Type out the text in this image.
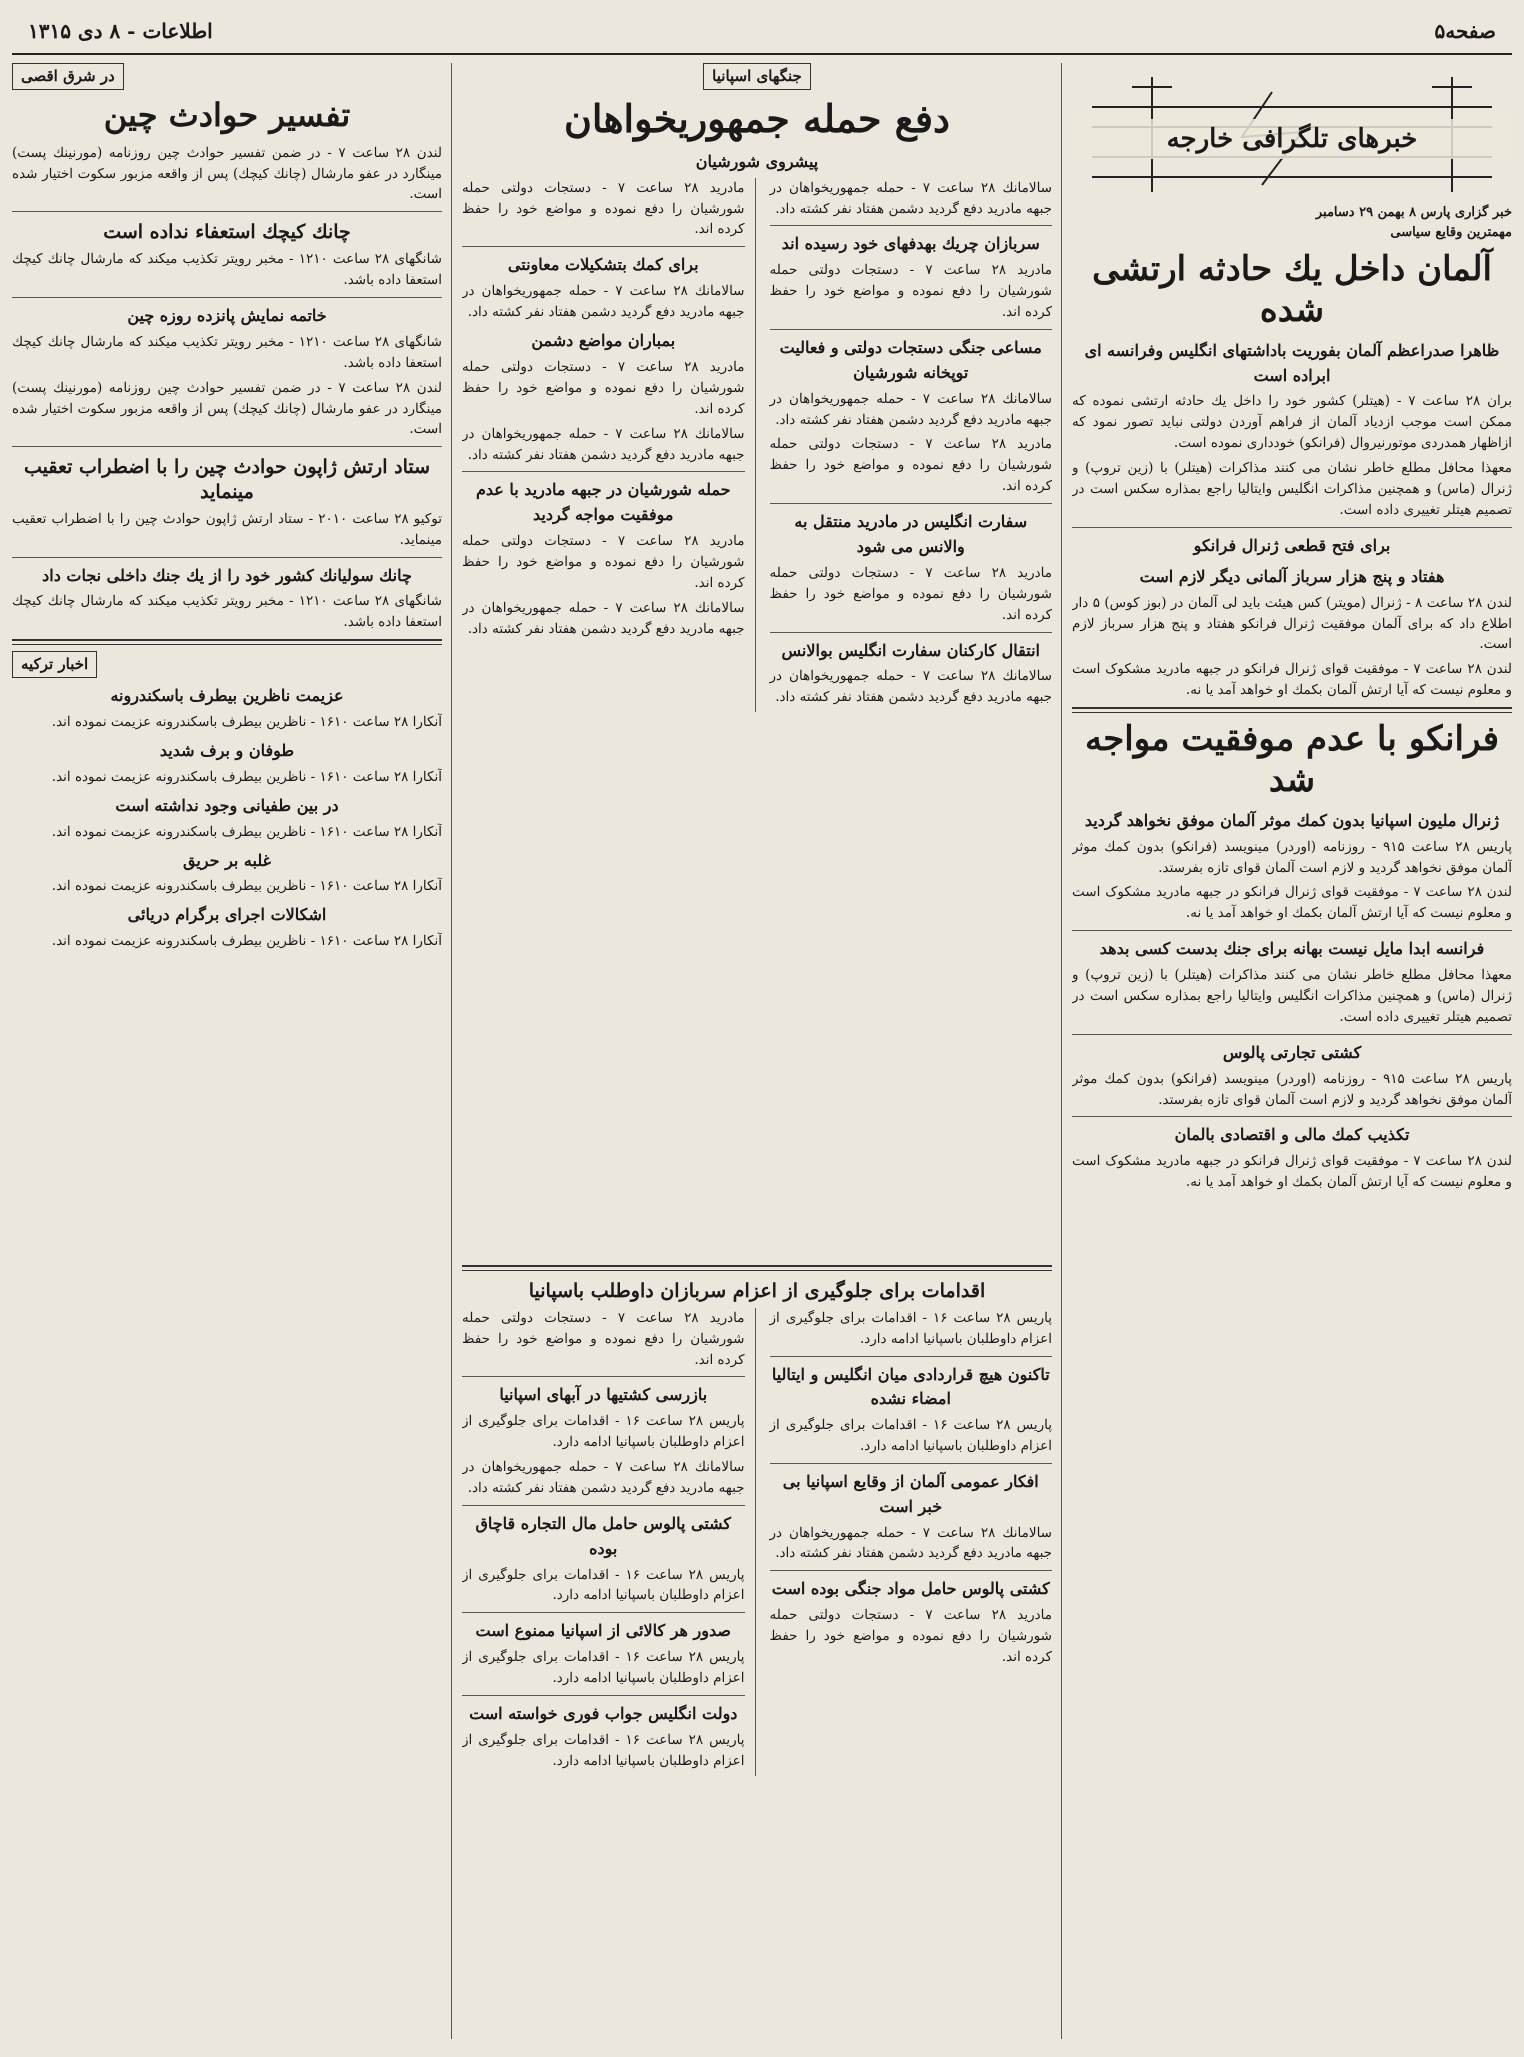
صفحه۵
اطلاعات - ۸ دی ۱۳۱۵
خبرهای تلگرافی خارجه
خبر گزاری پارس ۸ بهمن ۲۹ دسامبر
مهمترین وقایع سیاسی
آلمان داخل یك حادثه ارتشی شده
ظاهرا صدراعظم آلمان بفوریت باداشتهای انگلیس وفرانسه ای ابراده است

بران ۲۸ ساعت ۷ - (هیتلر) کشور خود را داخل یك حادثه ارتشی نموده که ممکن است موجب ازدیاد آلمان از فراهم آوردن دولتی نباید تصور نمود که ازاظهار همدردی موتورنیروال (فرانکو) خودداری نموده است.

معهذا محافل مطلع خاطر نشان می کنند مذاکرات (هیتلر) با (زین تروپ) و ژنرال (ماس) و همچنین مذاکرات انگلیس وایتالیا راجع بمذاره سکس است در تصمیم هیتلر تغییری داده است.

برای فتح قطعی ژنرال فرانکو
هفتاد و پنج هزار سرباز آلمانی دیگر لازم است

لندن ۲۸ ساعت ۸ - ژنرال (مویتر) کس هیئت باید لی آلمان در (بوز کوس) ۵ دار اطلاع داد که برای آلمان موفقیت ژنرال فرانکو هفتاد و پنج هزار سرباز لازم است.

لندن ۲۸ ساعت ۷ - موفقیت قوای ژنرال فرانکو در جبهه مادرید مشکوک است و معلوم نیست که آیا ارتش آلمان بکمك او خواهد آمد یا نه.

فرانکو با عدم موفقیت مواجه شد
ژنرال ملیون اسپانیا بدون کمك موثر آلمان موفق نخواهد گردید

پاریس ۲۸ ساعت ۹۱۵ - روزنامه (اوردر) مینویسد (فرانکو) بدون کمك موثر آلمان موفق نخواهد گردید و لازم است آلمان قوای تازه بفرستد.

لندن ۲۸ ساعت ۷ - موفقیت قوای ژنرال فرانکو در جبهه مادرید مشکوک است و معلوم نیست که آیا ارتش آلمان بکمك او خواهد آمد یا نه.

فرانسه ابدا مایل نیست بهانه برای جنك بدست کسی بدهد

معهذا محافل مطلع خاطر نشان می کنند مذاکرات (هیتلر) با (زین تروپ) و ژنرال (ماس) و همچنین مذاکرات انگلیس وایتالیا راجع بمذاره سکس است در تصمیم هیتلر تغییری داده است.

کشتی تجارتی پالوس

پاریس ۲۸ ساعت ۹۱۵ - روزنامه (اوردر) مینویسد (فرانکو) بدون کمك موثر آلمان موفق نخواهد گردید و لازم است آلمان قوای تازه بفرستد.

تکذیب کمك مالی و اقتصادی بالمان

لندن ۲۸ ساعت ۷ - موفقیت قوای ژنرال فرانکو در جبهه مادرید مشکوک است و معلوم نیست که آیا ارتش آلمان بکمك او خواهد آمد یا نه.

جنگهای اسپانیا
دفع حمله جمهوریخواهان
پیشروی شورشیان

سالامانك ۲۸ ساعت ۷ - حمله جمهوریخواهان در جبهه مادرید دفع گردید دشمن هفتاد نفر کشته داد.

سربازان چریك بهدفهای خود رسیده اند

مادرید ۲۸ ساعت ۷ - دستجات دولتی حمله شورشیان را دفع نموده و مواضع خود را حفظ کرده اند.

مساعی جنگی دستجات دولتی و فعالیت توپخانه شورشیان

سالامانك ۲۸ ساعت ۷ - حمله جمهوریخواهان در جبهه مادرید دفع گردید دشمن هفتاد نفر کشته داد.

مادرید ۲۸ ساعت ۷ - دستجات دولتی حمله شورشیان را دفع نموده و مواضع خود را حفظ کرده اند.

سفارت انگلیس در مادرید منتقل به والانس می شود

مادرید ۲۸ ساعت ۷ - دستجات دولتی حمله شورشیان را دفع نموده و مواضع خود را حفظ کرده اند.

انتقال کارکنان سفارت انگلیس بوالانس

سالامانك ۲۸ ساعت ۷ - حمله جمهوریخواهان در جبهه مادرید دفع گردید دشمن هفتاد نفر کشته داد.

مادرید ۲۸ ساعت ۷ - دستجات دولتی حمله شورشیان را دفع نموده و مواضع خود را حفظ کرده اند.

برای کمك بتشکیلات معاونتی

سالامانك ۲۸ ساعت ۷ - حمله جمهوریخواهان در جبهه مادرید دفع گردید دشمن هفتاد نفر کشته داد.

بمباران مواضع دشمن

مادرید ۲۸ ساعت ۷ - دستجات دولتی حمله شورشیان را دفع نموده و مواضع خود را حفظ کرده اند.

سالامانك ۲۸ ساعت ۷ - حمله جمهوریخواهان در جبهه مادرید دفع گردید دشمن هفتاد نفر کشته داد.

حمله شورشیان در جبهه مادرید با عدم موفقیت مواجه گردید

مادرید ۲۸ ساعت ۷ - دستجات دولتی حمله شورشیان را دفع نموده و مواضع خود را حفظ کرده اند.

سالامانك ۲۸ ساعت ۷ - حمله جمهوریخواهان در جبهه مادرید دفع گردید دشمن هفتاد نفر کشته داد.

اقدامات برای جلوگیری از اعزام سربازان داوطلب باسپانیا

پاریس ۲۸ ساعت ۱۶ - اقدامات برای جلوگیری از اعزام داوطلبان باسپانیا ادامه دارد.

تاکنون هیچ قراردادی میان انگلیس و ایتالیا امضاء نشده

پاریس ۲۸ ساعت ۱۶ - اقدامات برای جلوگیری از اعزام داوطلبان باسپانیا ادامه دارد.

افکار عمومی آلمان از وقایع اسپانیا بی خبر است

سالامانك ۲۸ ساعت ۷ - حمله جمهوریخواهان در جبهه مادرید دفع گردید دشمن هفتاد نفر کشته داد.

کشتی پالوس حامل مواد جنگی بوده است

مادرید ۲۸ ساعت ۷ - دستجات دولتی حمله شورشیان را دفع نموده و مواضع خود را حفظ کرده اند.

مادرید ۲۸ ساعت ۷ - دستجات دولتی حمله شورشیان را دفع نموده و مواضع خود را حفظ کرده اند.

بازرسی کشتیها در آبهای اسپانیا

پاریس ۲۸ ساعت ۱۶ - اقدامات برای جلوگیری از اعزام داوطلبان باسپانیا ادامه دارد.

سالامانك ۲۸ ساعت ۷ - حمله جمهوریخواهان در جبهه مادرید دفع گردید دشمن هفتاد نفر کشته داد.

کشتی پالوس حامل مال التجاره قاچاق بوده

پاریس ۲۸ ساعت ۱۶ - اقدامات برای جلوگیری از اعزام داوطلبان باسپانیا ادامه دارد.

صدور هر کالائی از اسپانیا ممنوع است

پاریس ۲۸ ساعت ۱۶ - اقدامات برای جلوگیری از اعزام داوطلبان باسپانیا ادامه دارد.

دولت انگلیس جواب فوری خواسته است

پاریس ۲۸ ساعت ۱۶ - اقدامات برای جلوگیری از اعزام داوطلبان باسپانیا ادامه دارد.

در شرق اقصی
تفسیر حوادث چین

لندن ۲۸ ساعت ۷ - در ضمن تفسیر حوادث چین روزنامه (مورنینك پست) مینگارد در عفو مارشال (چانك كيچك) پس از واقعه مزبور سکوت اختیار شده است.

چانك كيچك استعفاء نداده است

شانگهای ۲۸ ساعت ۱۲۱۰ - مخبر رویتر تکذیب میکند که مارشال چانك کیچك استعفا داده باشد.

خاتمه نمایش پانزده روزه چین

شانگهای ۲۸ ساعت ۱۲۱۰ - مخبر رویتر تکذیب میکند که مارشال چانك کیچك استعفا داده باشد.

لندن ۲۸ ساعت ۷ - در ضمن تفسیر حوادث چین روزنامه (مورنینك پست) مینگارد در عفو مارشال (چانك كيچك) پس از واقعه مزبور سکوت اختیار شده است.

ستاد ارتش ژاپون حوادث چین را با اضطراب تعقیب مینماید

توکیو ۲۸ ساعت ۲۰۱۰ - ستاد ارتش ژاپون حوادث چین را با اضطراب تعقیب مینماید.

چانك سوليانك كشور خود را از يك جنك داخلی نجات داد

شانگهای ۲۸ ساعت ۱۲۱۰ - مخبر رویتر تکذیب میکند که مارشال چانك کیچك استعفا داده باشد.

اخبار ترکیه
عزیمت ناظرین بیطرف باسکندرونه

آنکارا ۲۸ ساعت ۱۶۱۰ - ناظرین بیطرف باسکندرونه عزیمت نموده اند.

طوفان و برف شدید

آنکارا ۲۸ ساعت ۱۶۱۰ - ناظرین بیطرف باسکندرونه عزیمت نموده اند.

در بین طفیانی وجود نداشته است

آنکارا ۲۸ ساعت ۱۶۱۰ - ناظرین بیطرف باسکندرونه عزیمت نموده اند.

غلبه بر حریق

آنکارا ۲۸ ساعت ۱۶۱۰ - ناظرین بیطرف باسکندرونه عزیمت نموده اند.

اشکالات اجرای برگرام دریائی

آنکارا ۲۸ ساعت ۱۶۱۰ - ناظرین بیطرف باسکندرونه عزیمت نموده اند.
